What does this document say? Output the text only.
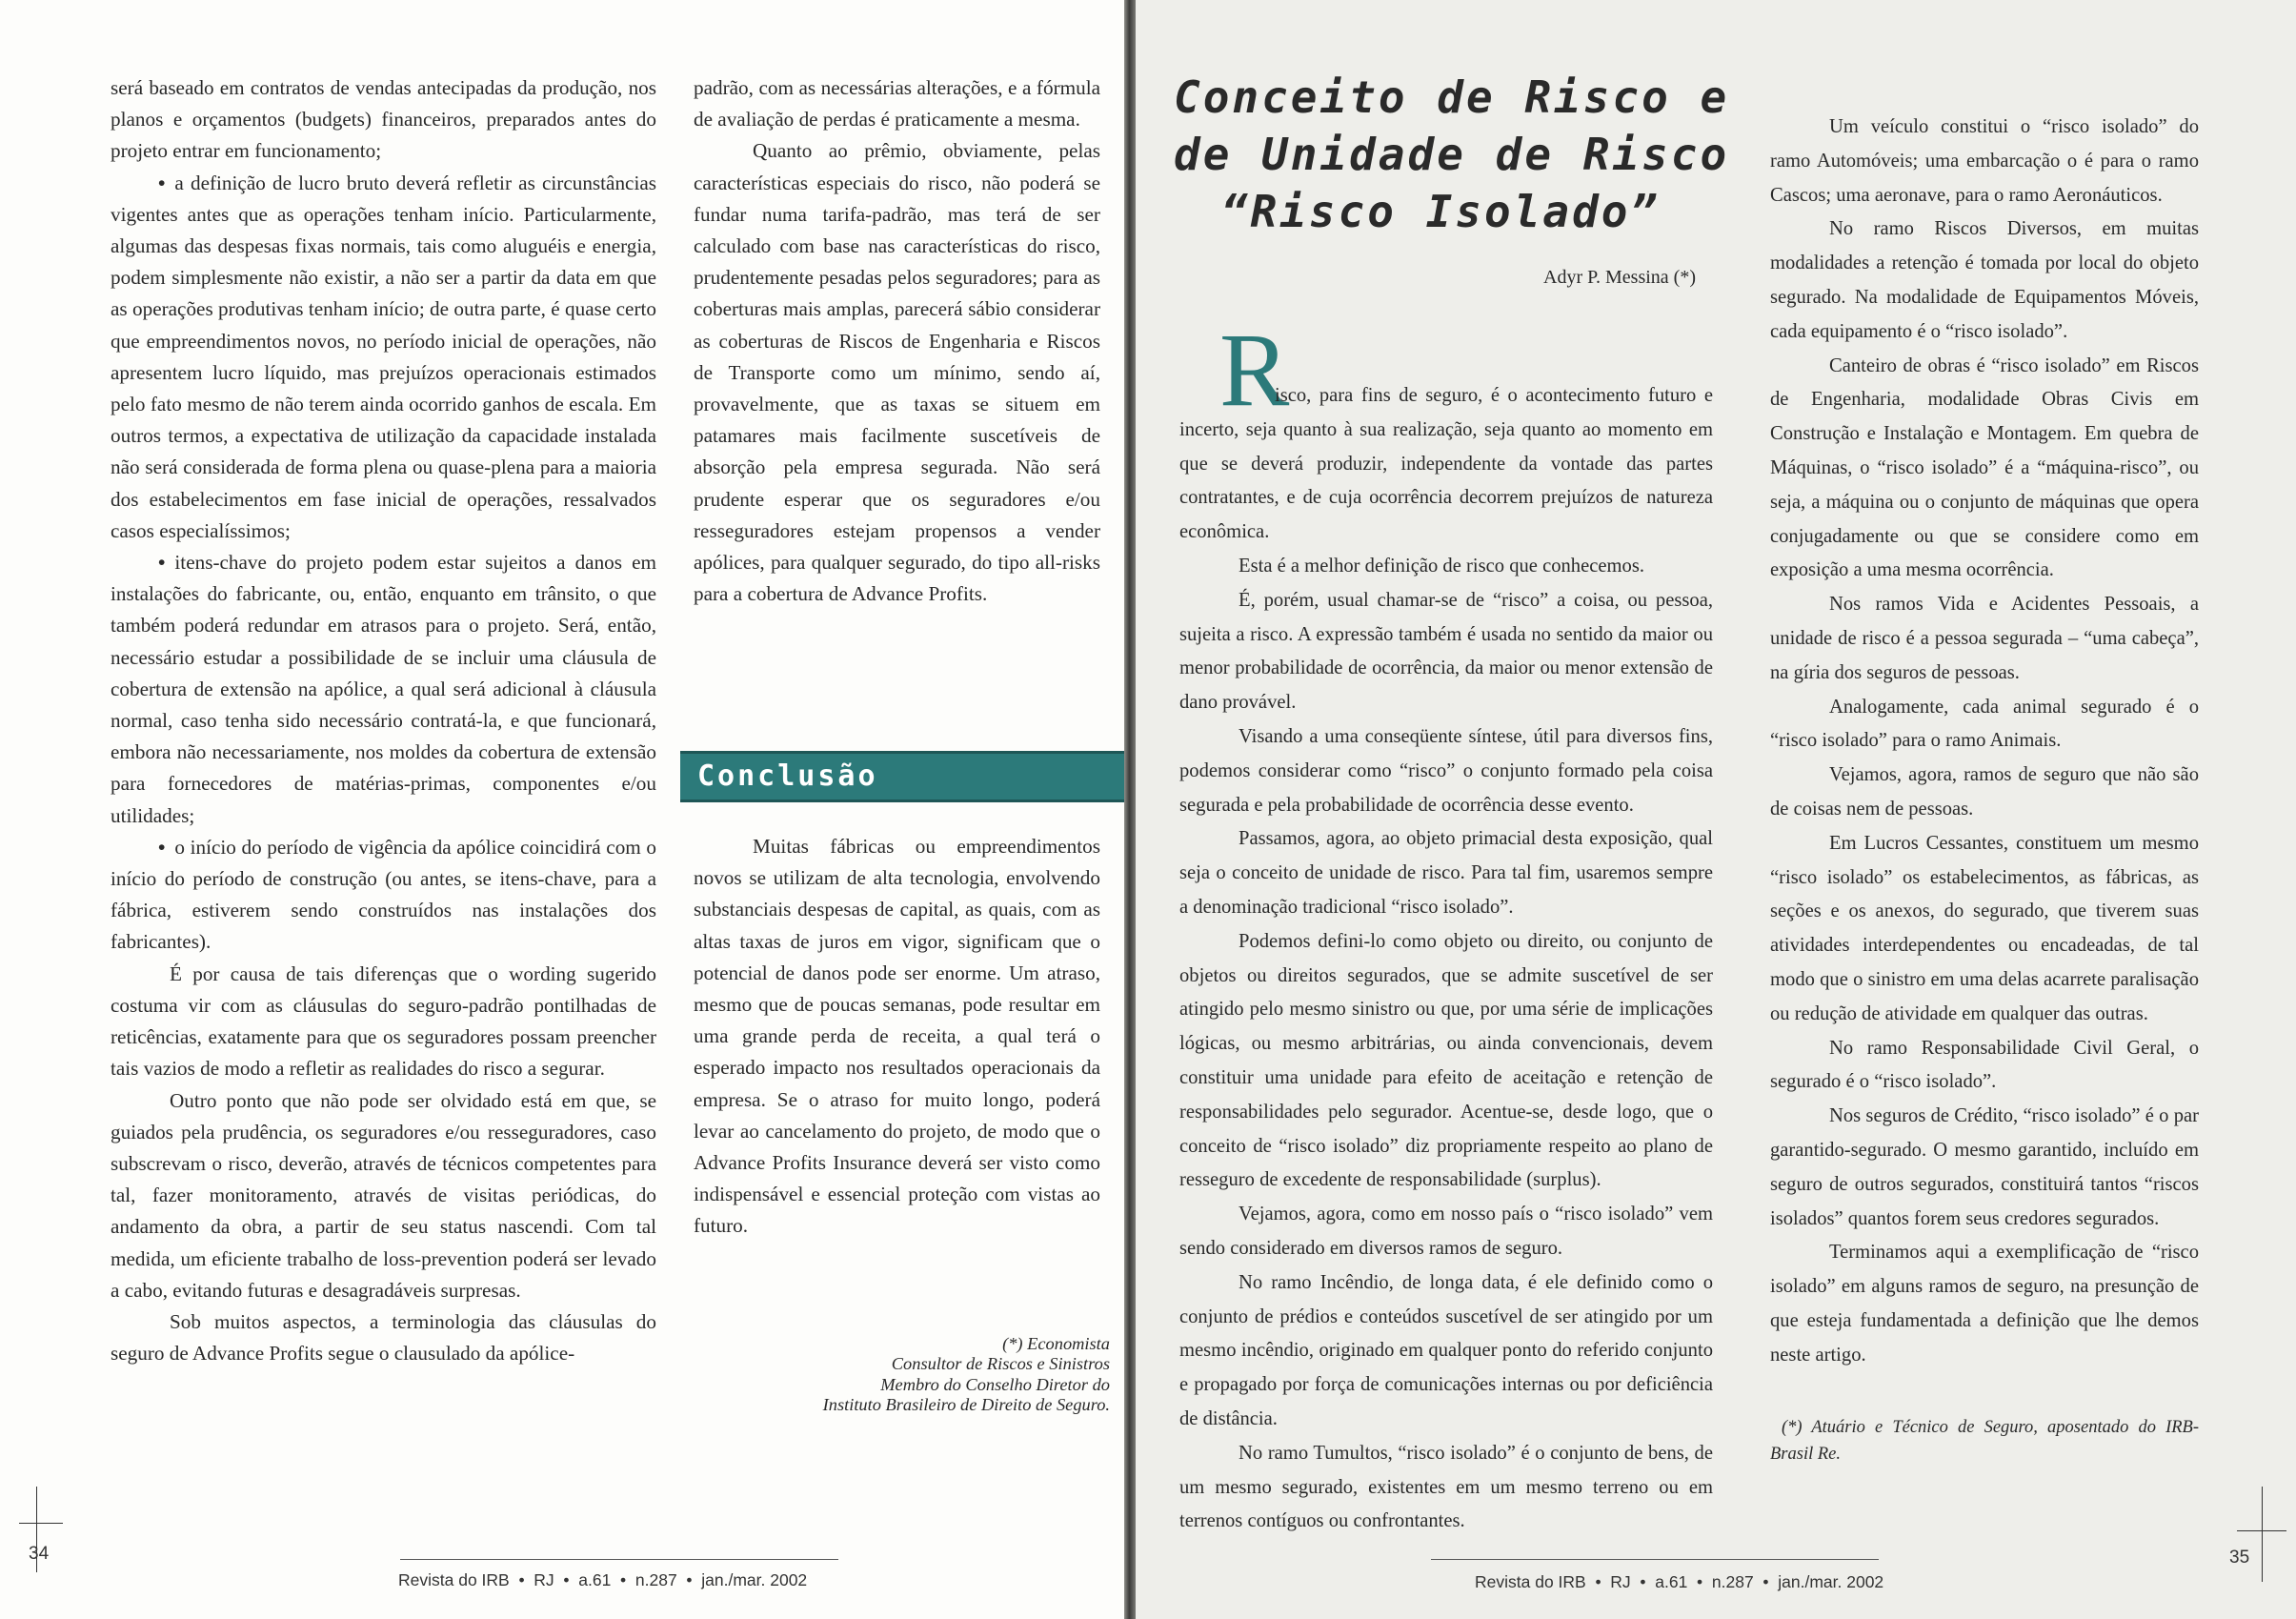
será baseado em contratos de vendas antecipadas da produção, nos planos e orçamentos (budgets) financeiros, preparados antes do projeto entrar em funcionamento;

• a definição de lucro bruto deverá refletir as circunstâncias vigentes antes que as operações tenham início. Particularmente, algumas das despesas fixas normais, tais como aluguéis e energia, podem simplesmente não existir, a não ser a partir da data em que as operações produtivas tenham início; de outra parte, é quase certo que empreendimentos novos, no período inicial de operações, não apresentem lucro líquido, mas prejuízos operacionais estimados pelo fato mesmo de não terem ainda ocorrido ganhos de escala. Em outros termos, a expectativa de utilização da capacidade instalada não será considerada de forma plena ou quase-plena para a maioria dos estabelecimentos em fase inicial de operações, ressalvados casos especialíssimos;

• itens-chave do projeto podem estar sujeitos a danos em instalações do fabricante, ou, então, enquanto em trânsito, o que também poderá redundar em atrasos para o projeto. Será, então, necessário estudar a possibilidade de se incluir uma cláusula de cobertura de extensão na apólice, a qual será adicional à cláusula normal, caso tenha sido necessário contratá-la, e que funcionará, embora não necessariamente, nos moldes da cobertura de extensão para fornecedores de matérias-primas, componentes e/ou utilidades;

• o início do período de vigência da apólice coincidirá com o início do período de construção (ou antes, se itens-chave, para a fábrica, estiverem sendo construídos nas instalações dos fabricantes).

É por causa de tais diferenças que o wording sugerido costuma vir com as cláusulas do seguro-padrão pontilhadas de reticências, exatamente para que os seguradores possam preencher tais vazios de modo a refletir as realidades do risco a segurar.

Outro ponto que não pode ser olvidado está em que, se guiados pela prudência, os seguradores e/ou resseguradores, caso subscrevam o risco, deverão, através de técnicos competentes para tal, fazer monitoramento, através de visitas periódicas, do andamento da obra, a partir de seu status nascendi. Com tal medida, um eficiente trabalho de loss-prevention poderá ser levado a cabo, evitando futuras e desagradáveis surpresas.

Sob muitos aspectos, a terminologia das cláusulas do seguro de Advance Profits segue o clausulado da apólice-

padrão, com as necessárias alterações, e a fórmula de avaliação de perdas é praticamente a mesma.

Quanto ao prêmio, obviamente, pelas características especiais do risco, não poderá se fundar numa tarifa-padrão, mas terá de ser calculado com base nas características do risco, prudentemente pesadas pelos seguradores; para as coberturas mais amplas, parecerá sábio considerar as coberturas de Riscos de Engenharia e Riscos de Transporte como um mínimo, sendo aí, provavelmente, que as taxas se situem em patamares mais facilmente suscetíveis de absorção pela empresa segurada. Não será prudente esperar que os seguradores e/ou resseguradores estejam propensos a vender apólices, para qualquer segurado, do tipo all-risks para a cobertura de Advance Profits.

Conclusão

Muitas fábricas ou empreendimentos novos se utilizam de alta tecnologia, envolvendo substanciais despesas de capital, as quais, com as altas taxas de juros em vigor, significam que o potencial de danos pode ser enorme. Um atraso, mesmo que de poucas semanas, pode resultar em uma grande perda de receita, a qual terá o esperado impacto nos resultados operacionais da empresa. Se o atraso for muito longo, poderá levar ao cancelamento do projeto, de modo que o Advance Profits Insurance deverá ser visto como indispensável e essencial proteção com vistas ao futuro.

(*) Economista
Consultor de Riscos e Sinistros
Membro do Conselho Diretor do
Instituto Brasileiro de Direito de Seguro.
34
Revista do IRB  •  RJ  •  a.61  •  n.287  •  jan./mar. 2002
Conceito de Risco e
de Unidade de Risco
“Risco Isolado”
Adyr P. Messina (*)
R

isco, para fins de seguro, é o acontecimento futuro e incerto, seja quanto à sua realização, seja quanto ao momento em que se deverá produzir, independente da vontade das partes contratantes, e de cuja ocorrência decorrem prejuízos de natureza econômica.

Esta é a melhor definição de risco que conhecemos.

É, porém, usual chamar-se de “risco” a coisa, ou pessoa, sujeita a risco. A expressão também é usada no sentido da maior ou menor probabilidade de ocorrência, da maior ou menor extensão de dano provável.

Visando a uma conseqüente síntese, útil para diversos fins, podemos considerar como “risco” o conjunto formado pela coisa segurada e pela probabilidade de ocorrência desse evento.

Passamos, agora, ao objeto primacial desta exposição, qual seja o conceito de unidade de risco. Para tal fim, usaremos sempre a denominação tradicional “risco isolado”.

Podemos defini-lo como objeto ou direito, ou conjunto de objetos ou direitos segurados, que se admite suscetível de ser atingido pelo mesmo sinistro ou que, por uma série de implicações lógicas, ou mesmo arbitrárias, ou ainda convencionais, devem constituir uma unidade para efeito de aceitação e retenção de responsabilidades pelo segurador. Acentue-se, desde logo, que o conceito de “risco isolado” diz propriamente respeito ao plano de resseguro de excedente de responsabilidade (surplus).

Vejamos, agora, como em nosso país o “risco isolado” vem sendo considerado em diversos ramos de seguro.

No ramo Incêndio, de longa data, é ele definido como o conjunto de prédios e conteúdos suscetível de ser atingido por um mesmo incêndio, originado em qualquer ponto do referido conjunto e propagado por força de comunicações internas ou por deficiência de distância.

No ramo Tumultos, “risco isolado” é o conjunto de bens, de um mesmo segurado, existentes em um mesmo terreno ou em terrenos contíguos ou confrontantes.

Um veículo constitui o “risco isolado” do ramo Automóveis; uma embarcação o é para o ramo Cascos; uma aeronave, para o ramo Aeronáuticos.

No ramo Riscos Diversos, em muitas modalidades a retenção é tomada por local do objeto segurado. Na modalidade de Equipamentos Móveis, cada equipamento é o “risco isolado”.

Canteiro de obras é “risco isolado” em Riscos de Engenharia, modalidade Obras Civis em Construção e Instalação e Montagem. Em quebra de Máquinas, o “risco isolado” é a “máquina-risco”, ou seja, a máquina ou o conjunto de máquinas que opera conjugadamente ou que se considere como em exposição a uma mesma ocorrência.

Nos ramos Vida e Acidentes Pessoais, a unidade de risco é a pessoa segurada – “uma cabeça”, na gíria dos seguros de pessoas.

Analogamente, cada animal segurado é o “risco isolado” para o ramo Animais.

Vejamos, agora, ramos de seguro que não são de coisas nem de pessoas.

Em Lucros Cessantes, constituem um mesmo “risco isolado” os estabelecimentos, as fábricas, as seções e os anexos, do segurado, que tiverem suas atividades interdependentes ou encadeadas, de tal modo que o sinistro em uma delas acarrete paralisação ou redução de atividade em qualquer das outras.

No ramo Responsabilidade Civil Geral, o segurado é o “risco isolado”.

Nos seguros de Crédito, “risco isolado” é o par garantido-segurado. O mesmo garantido, incluído em seguro de outros segurados, constituirá tantos “riscos isolados” quantos forem seus credores segurados.

Terminamos aqui a exemplificação de “risco isolado” em alguns ramos de seguro, na presunção de que esteja fundamentada a definição que lhe demos neste artigo.

(*) Atuário e Técnico de Seguro, aposentado do IRB-Brasil Re.

Revista do IRB  •  RJ  •  a.61  •  n.287  •  jan./mar. 2002
35
